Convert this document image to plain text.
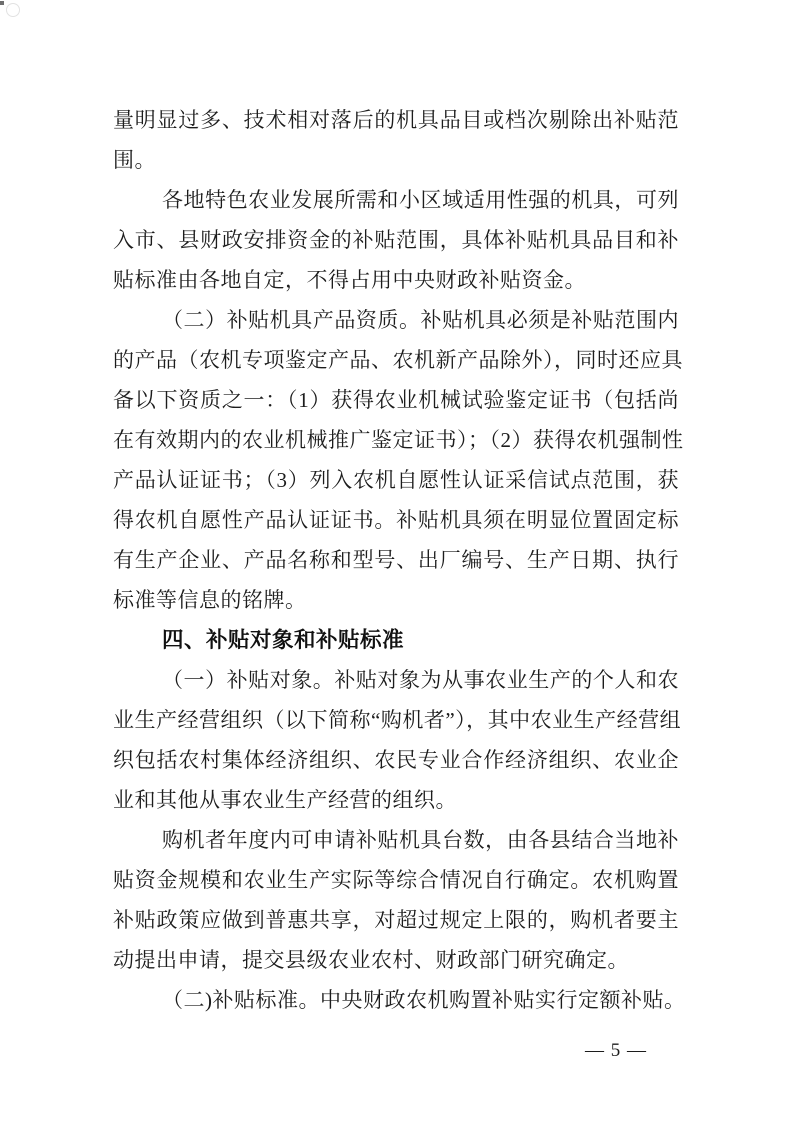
量明显过多、技术相对落后的机具品目或档次剔除出补贴范
围。
各地特色农业发展所需和小区域适用性强的机具，可列
入市、县财政安排资金的补贴范围，具体补贴机具品目和补
贴标准由各地自定，不得占用中央财政补贴资金。
（二）补贴机具产品资质。补贴机具必须是补贴范围内
的产品（农机专项鉴定产品、农机新产品除外），同时还应具
备以下资质之一：（1）获得农业机械试验鉴定证书（包括尚
在有效期内的农业机械推广鉴定证书）；（2）获得农机强制性
产品认证证书；（3）列入农机自愿性认证采信试点范围，获
得农机自愿性产品认证证书。补贴机具须在明显位置固定标
有生产企业、产品名称和型号、出厂编号、生产日期、执行
标准等信息的铭牌。
四、补贴对象和补贴标准
（一）补贴对象。补贴对象为从事农业生产的个人和农
业生产经营组织（以下简称“购机者”），其中农业生产经营组
织包括农村集体经济组织、农民专业合作经济组织、农业企
业和其他从事农业生产经营的组织。
购机者年度内可申请补贴机具台数，由各县结合当地补
贴资金规模和农业生产实际等综合情况自行确定。农机购置
补贴政策应做到普惠共享，对超过规定上限的，购机者要主
动提出申请，提交县级农业农村、财政部门研究确定。
（二)补贴标准。中央财政农机购置补贴实行定额补贴。
— 5 —
